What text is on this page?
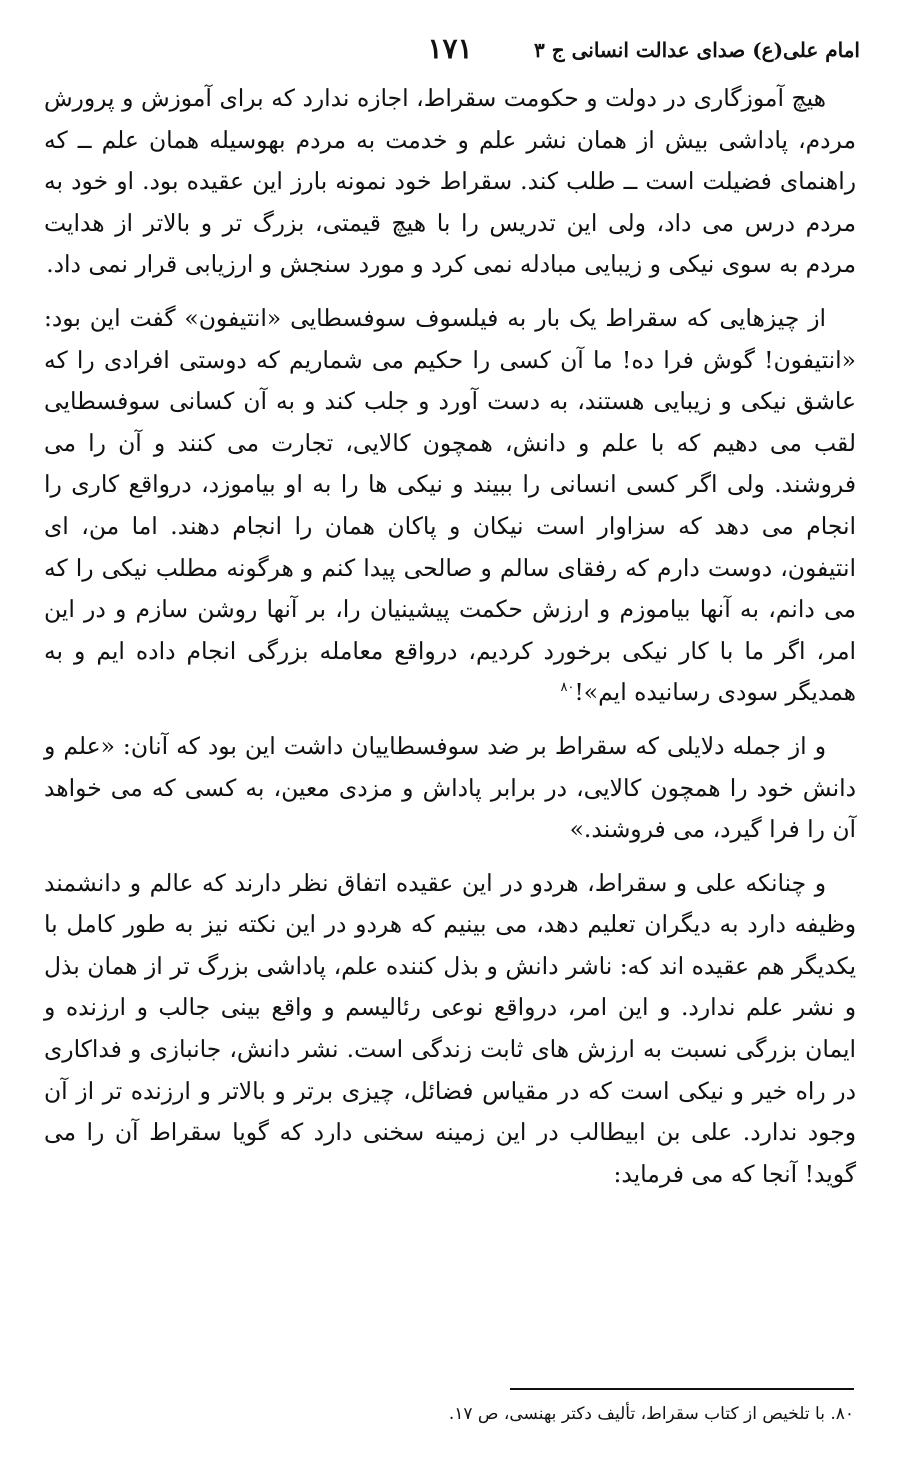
امام علی(ع) صدای عدالت انسانی ج ۳
۱۷۱

هیچ آموزگاری در دولت و حکومت سقراط، اجازه ندارد که برای آموزش و پرورش مردم، پاداشی بیش از همان نشر علم و خدمت به مردم بهوسیله همان علم ــ که راهنمای فضیلت است ــ طلب کند. سقراط خود نمونه بارز این عقیده بود. او خود به مردم درس می داد، ولی این تدریس را با هیچ قیمتی، بزرگ تر و بالاتر از هدایت مردم به سوی نیکی و زیبایی مبادله نمی کرد و مورد سنجش و ارزیابی قرار نمی داد.

از چیزهایی که سقراط یک بار به فیلسوف سوفسطایی «انتیفون» گفت این بود: «انتیفون! گوش فرا ده! ما آن کسی را حکیم می شماریم که دوستی افرادی را که عاشق نیکی و زیبایی هستند، به دست آورد و جلب کند و به آن کسانی سوفسطایی لقب می دهیم که با علم و دانش، همچون کالایی، تجارت می کنند و آن را می فروشند. ولی اگر کسی انسانی را ببیند و نیکی ها را به او بیاموزد، درواقع کاری را انجام می دهد که سزاوار است نیکان و پاکان همان را انجام دهند. اما من، ای انتیفون، دوست دارم که رفقای سالم و صالحی پیدا کنم و هرگونه مطلب نیکی را که می دانم، به آنها بیاموزم و ارزش حکمت پیشینیان را، بر آنها روشن سازم و در این امر، اگر ما با کار نیکی برخورد کردیم، درواقع معامله بزرگی انجام داده ایم و به همدیگر سودی رسانیده ایم»!$^{۸۰}$

و از جمله دلایلی که سقراط بر ضد سوفسطاییان داشت این بود که آنان: «علم و دانش خود را همچون کالایی، در برابر پاداش و مزدی معین، به کسی که می خواهد آن را فرا گیرد، می فروشند.»

و چنانکه علی و سقراط، هردو در این عقیده اتفاق نظر دارند که عالم و دانشمند وظیفه دارد به دیگران تعلیم دهد، می بینیم که هردو در این نکته نیز به طور کامل با یکدیگر هم عقیده اند که: ناشر دانش و بذل کننده علم، پاداشی بزرگ تر از همان بذل و نشر علم ندارد. و این امر، درواقع نوعی رئالیسم و واقع بینی جالب و ارزنده و ایمان بزرگی نسبت به ارزش های ثابت زندگی است. نشر دانش، جانبازی و فداکاری در راه خیر و نیکی است که در مقیاس فضائل، چیزی برتر و بالاتر و ارزنده تر از آن وجود ندارد. علی بن ابیطالب در این زمینه سخنی دارد که گویا سقراط آن را می گوید! آنجا که می فرماید:

۸۰. با تلخیص از کتاب سقراط، تألیف دکتر بهنسی، ص ۱۷.
